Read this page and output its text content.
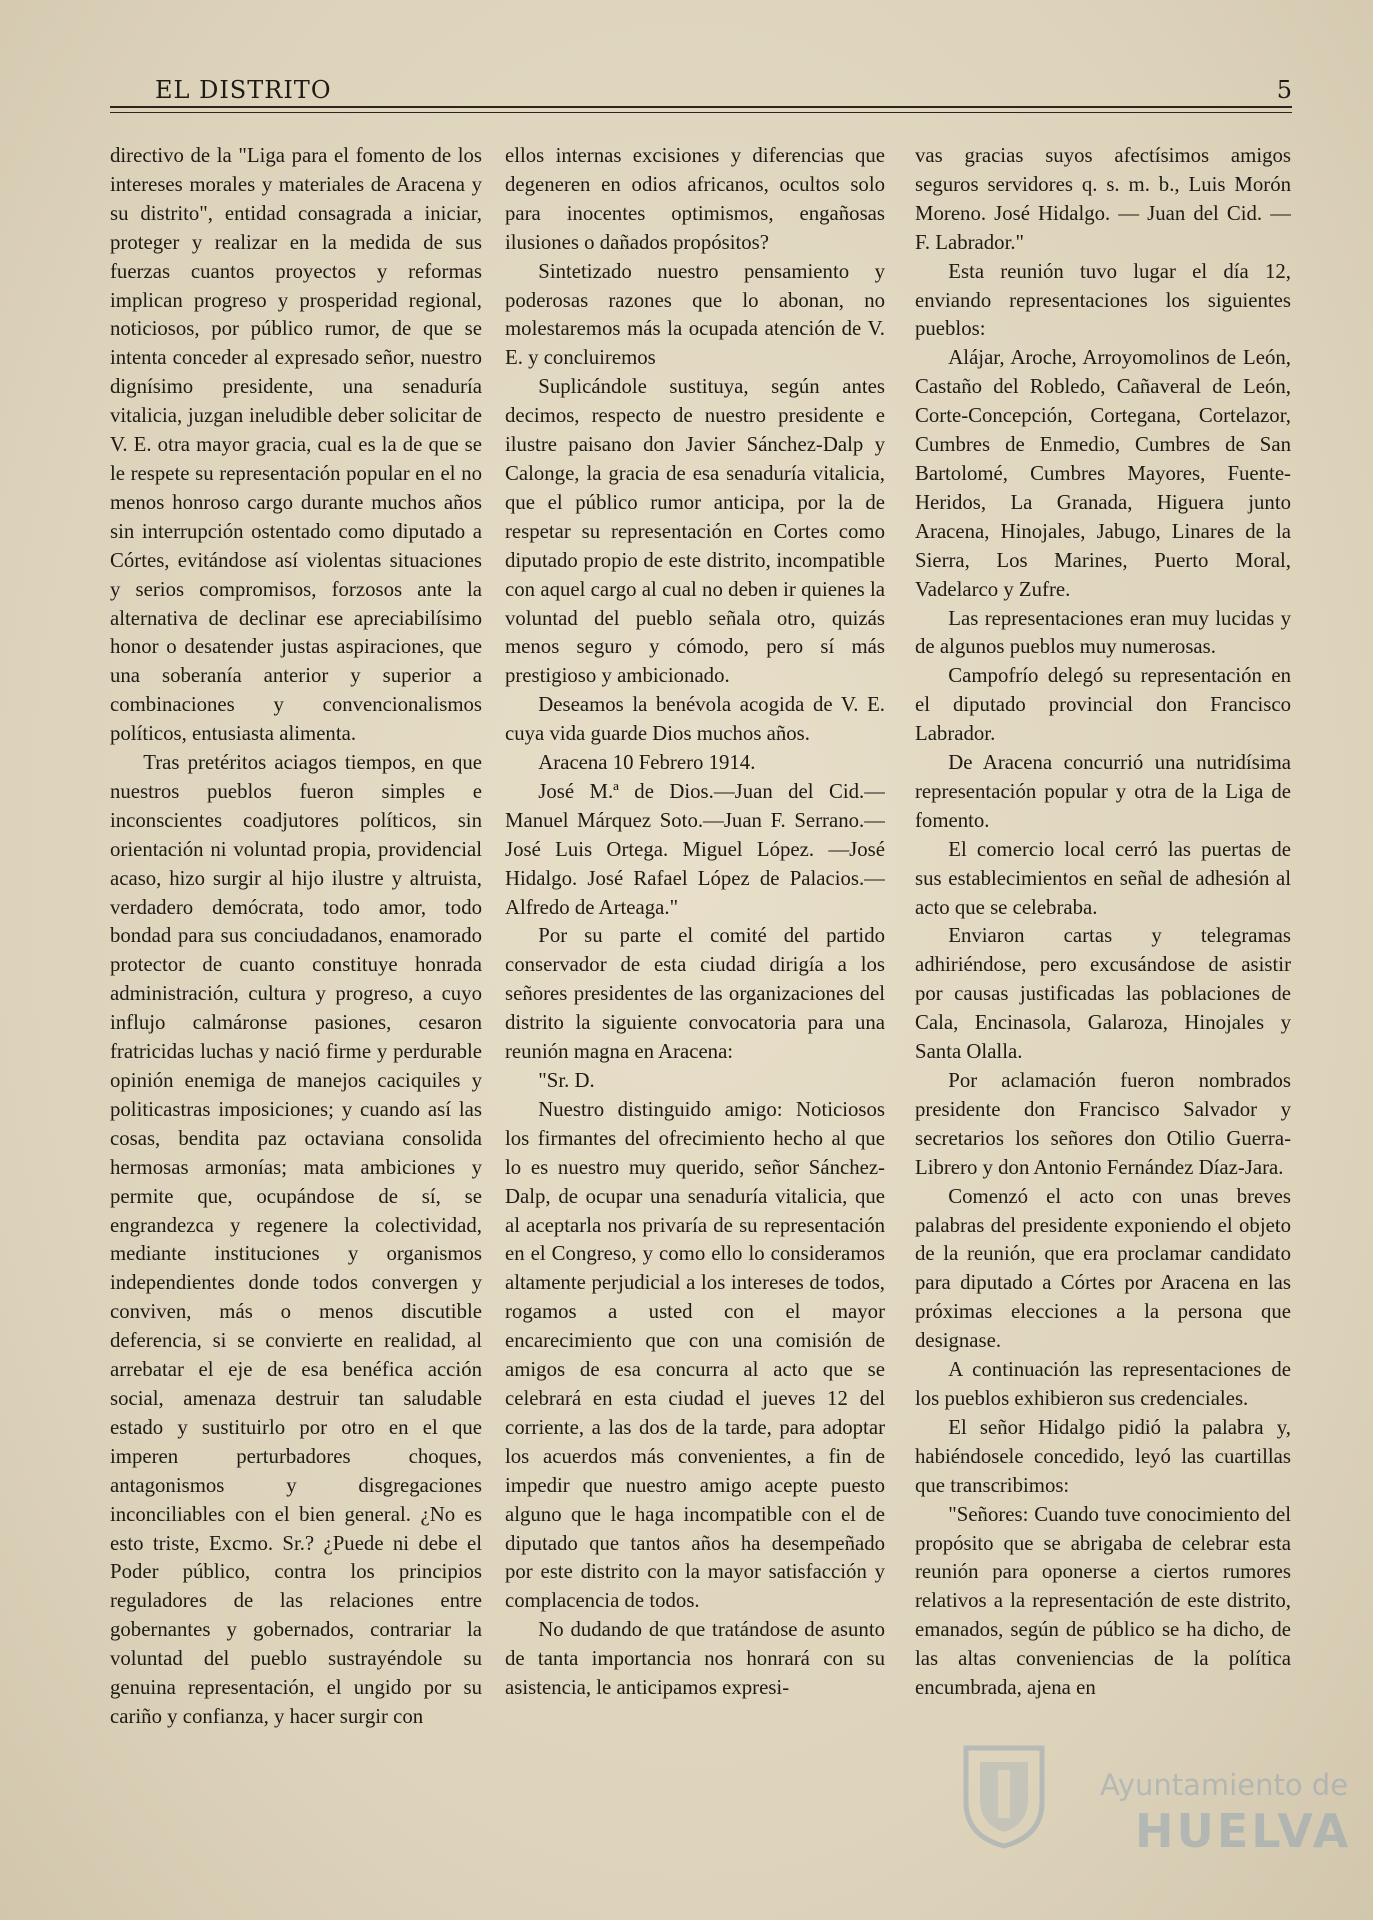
EL DISTRITO	5

directivo de la "Liga para el fomento de los intereses morales y materiales de Aracena y su distrito", entidad consagrada a iniciar, proteger y realizar en la medida de sus fuerzas cuantos proyectos y reformas implican progreso y prosperidad regional, noticiosos, por público rumor, de que se intenta conceder al expresado señor, nuestro dignísimo presidente, una senaduría vitalicia, juzgan ineludible deber solicitar de V. E. otra mayor gracia, cual es la de que se le respete su representación popular en el no menos honroso cargo durante muchos años sin interrupción ostentado como diputado a Córtes, evitándose así violentas situaciones y serios compromisos, forzosos ante la alternativa de declinar ese apreciabilísimo honor o desatender justas aspiraciones, que una soberanía anterior y superior a combinaciones y convencionalismos políticos, entusiasta alimenta.

Tras pretéritos aciagos tiempos, en que nuestros pueblos fueron simples e inconscientes coadjutores políticos, sin orientación ni voluntad propia, providencial acaso, hizo surgir al hijo ilustre y altruista, verdadero demócrata, todo amor, todo bondad para sus conciudadanos, enamorado protector de cuanto constituye honrada administración, cultura y progreso, a cuyo influjo calmáronse pasiones, cesaron fratricidas luchas y nació firme y perdurable opinión enemiga de manejos caciquiles y politicastras imposiciones; y cuando así las cosas, bendita paz octaviana consolida hermosas armonías; mata ambiciones y permite que, ocupándose de sí, se engrandezca y regenere la colectividad, mediante instituciones y organismos independientes donde todos convergen y conviven, más o menos discutible deferencia, si se convierte en realidad, al arrebatar el eje de esa benéfica acción social, amenaza destruir tan saludable estado y sustituirlo por otro en el que imperen perturbadores choques, antagonismos y disgregaciones inconciliables con el bien general. ¿No es esto triste, Excmo. Sr.? ¿Puede ni debe el Poder público, contra los principios reguladores de las relaciones entre gobernantes y gobernados, contrariar la voluntad del pueblo sustrayéndole su genuina representación, el ungido por su cariño y confianza, y hacer surgir con

ellos internas excisiones y diferencias que degeneren en odios africanos, ocultos solo para inocentes optimismos, engañosas ilusiones o dañados propósitos?

Sintetizado nuestro pensamiento y poderosas razones que lo abonan, no molestaremos más la ocupada atención de V. E. y concluiremos

Suplicándole sustituya, según antes decimos, respecto de nuestro presidente e ilustre paisano don Javier Sánchez-Dalp y Calonge, la gracia de esa senaduría vitalicia, que el público rumor anticipa, por la de respetar su representación en Cortes como diputado propio de este distrito, incompatible con aquel cargo al cual no deben ir quienes la voluntad del pueblo señala otro, quizás menos seguro y cómodo, pero sí más prestigioso y ambicionado.

Deseamos la benévola acogida de V. E. cuya vida guarde Dios muchos años.

Aracena 10 Febrero 1914.

José M.ª de Dios.—Juan del Cid.—Manuel Márquez Soto.—Juan F. Serrano.—José Luis Ortega. Miguel López. —José Hidalgo. José Rafael López de Palacios.—Alfredo de Arteaga."

Por su parte el comité del partido conservador de esta ciudad dirigía a los señores presidentes de las organizaciones del distrito la siguiente convocatoria para una reunión magna en Aracena:

"Sr. D.

Nuestro distinguido amigo: Noticiosos los firmantes del ofrecimiento hecho al que lo es nuestro muy querido, señor Sánchez-Dalp, de ocupar una senaduría vitalicia, que al aceptarla nos privaría de su representación en el Congreso, y como ello lo consideramos altamente perjudicial a los intereses de todos, rogamos a usted con el mayor encarecimiento que con una comisión de amigos de esa concurra al acto que se celebrará en esta ciudad el jueves 12 del corriente, a las dos de la tarde, para adoptar los acuerdos más convenientes, a fin de impedir que nuestro amigo acepte puesto alguno que le haga incompatible con el de diputado que tantos años ha desempeñado por este distrito con la mayor satisfacción y complacencia de todos.

No dudando de que tratándose de asunto de tanta importancia nos honrará con su asistencia, le anticipamos expresi-

vas gracias suyos afectísimos amigos seguros servidores q. s. m. b., Luis Morón Moreno. José Hidalgo. — Juan del Cid. — F. Labrador."

Esta reunión tuvo lugar el día 12, enviando representaciones los siguientes pueblos:

Alájar, Aroche, Arroyomolinos de León, Castaño del Robledo, Cañaveral de León, Corte-Concepción, Cortegana, Cortelazor, Cumbres de Enmedio, Cumbres de San Bartolomé, Cumbres Mayores, Fuente-Heridos, La Granada, Higuera junto Aracena, Hinojales, Jabugo, Linares de la Sierra, Los Marines, Puerto Moral, Vadelarco y Zufre.

Las representaciones eran muy lucidas y de algunos pueblos muy numerosas.

Campofrío delegó su representación en el diputado provincial don Francisco Labrador.

De Aracena concurrió una nutridísima representación popular y otra de la Liga de fomento.

El comercio local cerró las puertas de sus establecimientos en señal de adhesión al acto que se celebraba.

Enviaron cartas y telegramas adhiriéndose, pero excusándose de asistir por causas justificadas las poblaciones de Cala, Encinasola, Galaroza, Hinojales y Santa Olalla.

Por aclamación fueron nombrados presidente don Francisco Salvador y secretarios los señores don Otilio Guerra-Librero y don Antonio Fernández Díaz-Jara.

Comenzó el acto con unas breves palabras del presidente exponiendo el objeto de la reunión, que era proclamar candidato para diputado a Córtes por Aracena en las próximas elecciones a la persona que designase.

A continuación las representaciones de los pueblos exhibieron sus credenciales.

El señor Hidalgo pidió la palabra y, habiéndosele concedido, leyó las cuartillas que transcribimos:

"Señores: Cuando tuve conocimiento del propósito que se abrigaba de celebrar esta reunión para oponerse a ciertos rumores relativos a la representación de este distrito, emanados, según de público se ha dicho, de las altas conveniencias de la política encumbrada, ajena en

Ayuntamiento de
HUELVA
